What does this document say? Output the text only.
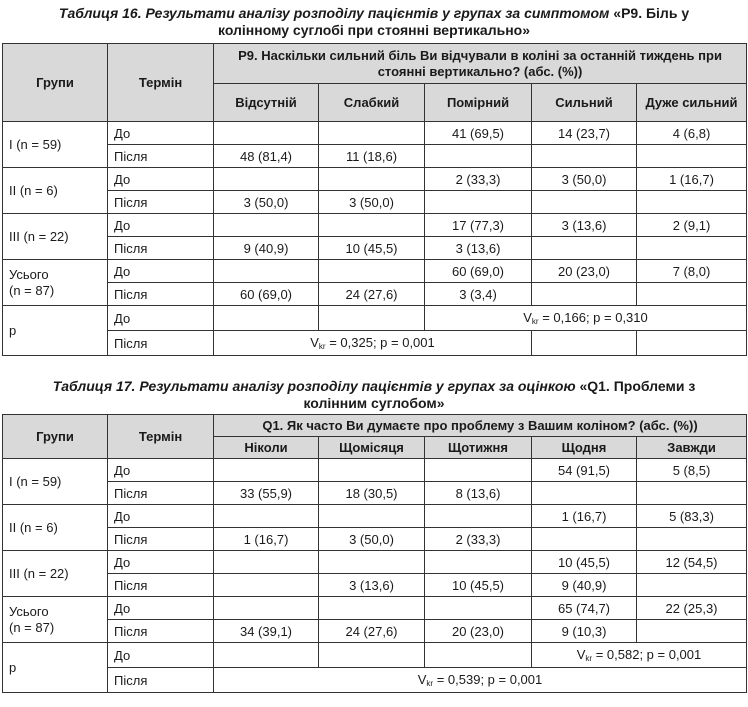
Таблиця 16. Результати аналізу розподілу пацієнтів у групах за симптомом «Р9. Біль у колінному суглобі при стоянні вертикально»
Групи	Термін	Р9. Наскільки сильний біль Ви відчували в коліні за останній тиждень при стоянні вертикально? (абс. (%))					
		Відсутній	Слабкий	Помірний	Сильний	Дуже сильний	
I (n = 59)	До			41 (69,5)	14 (23,7)	4 (6,8)	
	Після	48 (81,4)	11 (18,6)				
II (n = 6)	До			2 (33,3)	3 (50,0)	1 (16,7)	
	Після	3 (50,0)	3 (50,0)				
III (n = 22)	До			17 (77,3)	3 (13,6)	2 (9,1)	
	Після	9 (40,9)	10 (45,5)	3 (13,6)			
Усього
(n = 87)	До			60 (69,0)	20 (23,0)	7 (8,0)	
	Після	60 (69,0)	24 (27,6)	3 (3,4)			
p	До			$V_{kr} = 0,166$; p = 0,310			
	Після	$V_{kr} = 0,325$; p = 0,001					
Таблиця 17. Результати аналізу розподілу пацієнтів у групах за оцінкою «Q1. Проблеми з колінним суглобом»
Групи	Термін	Q1. Як часто Ви думаєте про проблему з Вашим коліном? (абс. (%))				
		Ніколи	Щомісяця	Щотижня	Щодня	Завжди
I (n = 59)	До				54 (91,5)	5 (8,5)
	Після	33 (55,9)	18 (30,5)	8 (13,6)		
II (n = 6)	До				1 (16,7)	5 (83,3)
	Після	1 (16,7)	3 (50,0)	2 (33,3)		
III (n = 22)	До				10 (45,5)	12 (54,5)
	Після		3 (13,6)	10 (45,5)	9 (40,9)	
Усього
(n = 87)	До				65 (74,7)	22 (25,3)
	Після	34 (39,1)	24 (27,6)	20 (23,0)	9 (10,3)	
p	До				$V_{kr} = 0,582$; p = 0,001	
	Після	$V_{kr} = 0,539$; p = 0,001				
